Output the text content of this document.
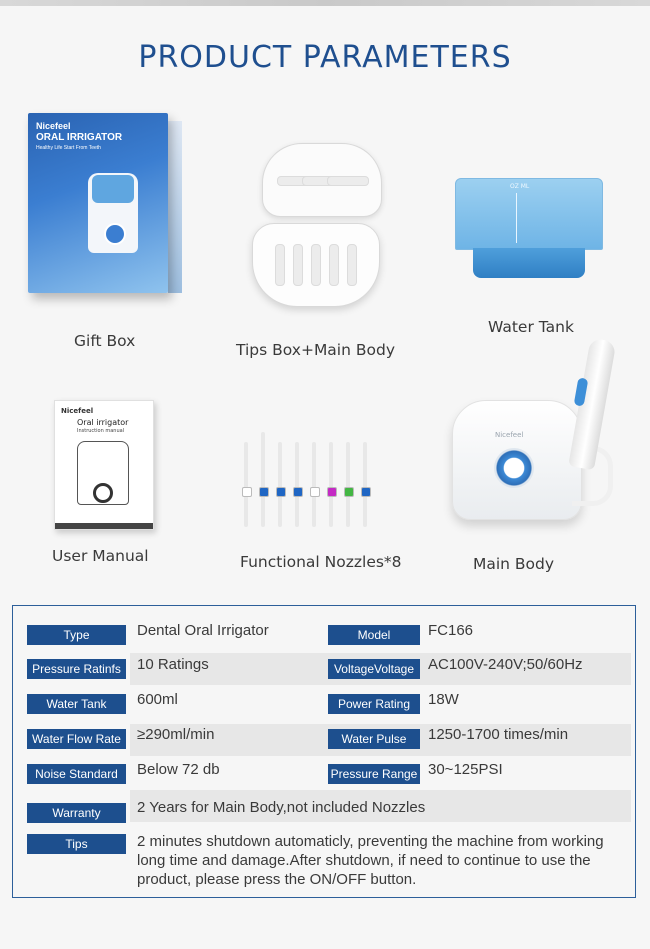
PRODUCT PARAMETERS
Nicefeel
ORAL IRRIGATOR
Healthy Life Start From Teeth
OZ ML
Nicefeel
Oral irrigator
Instruction manual	Nicefeel
Gift Box	Tips Box+Main Body
Water Tank
User Manual	Functional Nozzles*8	Main Body
Warranty	2 Years for Main Body,not included Nozzles
Tips	2 minutes shutdown automaticly, preventing the machine from working long time and damage.After shutdown, if need to continue to use the product, please press the ON/OFF button.
Type	Dental Oral Irrigator	Model	FC166
Pressure Ratinfs	10 Ratings	VoltageVoltage AC100V-240V;50/60Hz
Water Tank	600ml	Power Rating	18W
Water Flow Rate	≥290ml/min	Water Pulse	1250-1700 times/min
Noise Standard	Below 72 db	Pressure Range 30~125PSI
